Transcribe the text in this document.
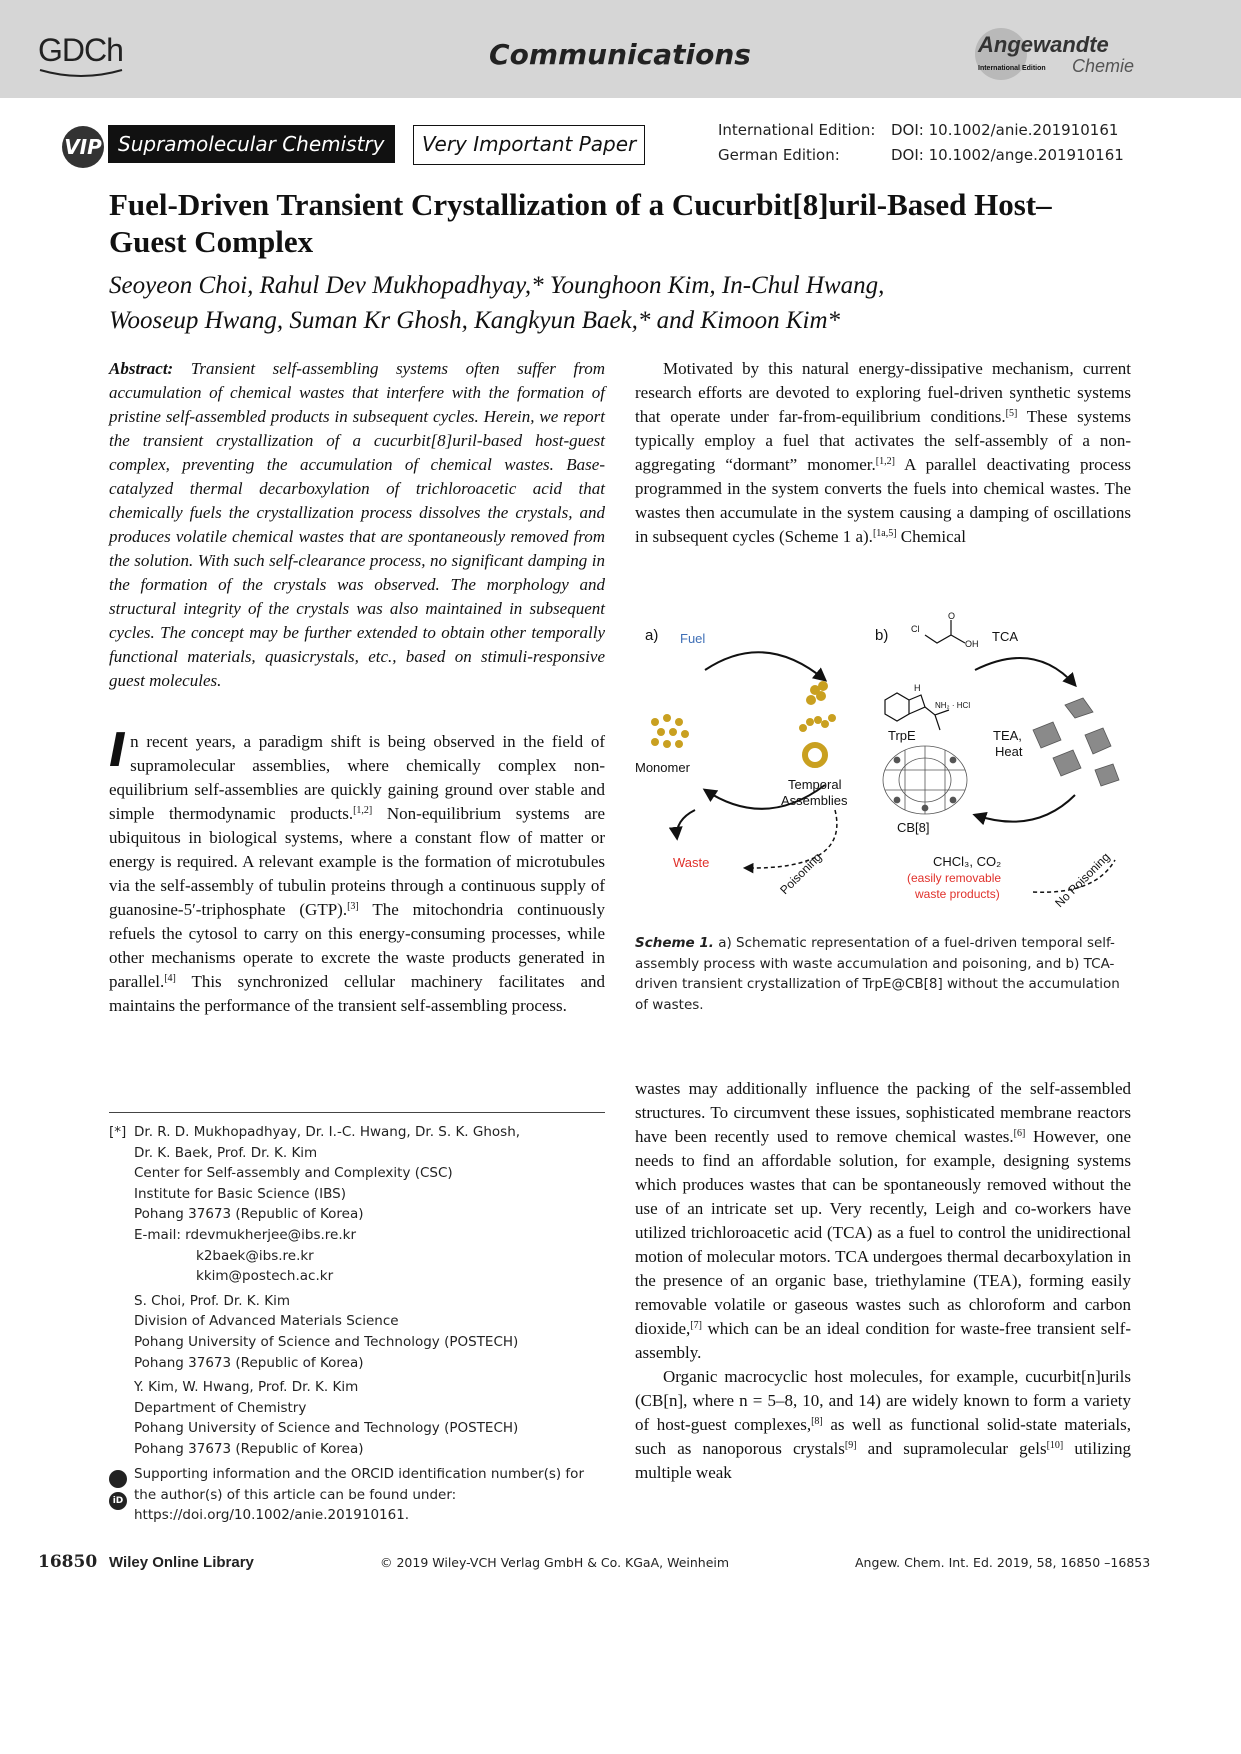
GDCh	Communications	Angewandte
International Edition Chemie
VIP Supramolecular Chemistry	Very Important Paper
International Edition: DOI: 10.1002/anie.201910161
German Edition:	DOI: 10.1002/ange.201910161
Fuel-Driven Transient Crystallization of a Cucurbit[8]uril-Based Host–
Guest Complex
Seoyeon Choi, Rahul Dev Mukhopadhyay,* Younghoon Kim, In-Chul Hwang,
Wooseup Hwang, Suman Kr Ghosh, Kangkyun Baek,* and Kimoon Kim*
Abstract: Transient self-assembling systems often suffer from accumulation of chemical wastes that interfere with the formation of pristine self-assembled products in subsequent cycles. Herein, we report the transient crystallization of a cucurbit[8]uril-based host-guest complex, preventing the accumulation of chemical wastes. Base-catalyzed thermal decarboxylation of trichloroacetic acid that chemically fuels the crystallization process dissolves the crystals, and produces volatile chemical wastes that are spontaneously removed from the solution. With such self-clearance process, no significant damping in the formation of the crystals was observed. The morphology and structural integrity of the crystals was also maintained in subsequent cycles. The concept may be further extended to obtain other temporally functional materials, quasicrystals, etc., based on stimuli-responsive guest molecules.
In recent years, a paradigm shift is being observed in the field of supramolecular assemblies, where chemically complex non-equilibrium self-assemblies are quickly gaining ground over stable and simple thermodynamic products.[1,2] Non-equilibrium systems are ubiquitous in biological systems, where a constant flow of matter or energy is required. A relevant example is the formation of microtubules via the self-assembly of tubulin proteins through a continuous supply of guanosine-5′-triphosphate (GTP).[3] The mitochondria continuously refuels the cytosol to carry on this energy-consuming processes, while other mechanisms operate to excrete the waste products generated in parallel.[4] This synchronized cellular machinery facilitates and maintains the performance of the transient self-assembling process.
[*] Dr. R. D. Mukhopadhyay, Dr. I.-C. Hwang, Dr. S. K. Ghosh,
Dr. K. Baek, Prof. Dr. K. Kim
Center for Self-assembly and Complexity (CSC)
Institute for Basic Science (IBS)
Pohang 37673 (Republic of Korea)
E-mail: rdevmukherjee@ibs.re.kr
k2baek@ibs.re.kr
kkim@postech.ac.kr
S. Choi, Prof. Dr. K. Kim
Division of Advanced Materials Science
Pohang University of Science and Technology (POSTECH)
Pohang 37673 (Republic of Korea)
Y. Kim, W. Hwang, Prof. Dr. K. Kim
Department of Chemistry
Pohang University of Science and Technology (POSTECH)
Pohang 37673 (Republic of Korea)
iD
Supporting information and the ORCID identification number(s) for
the author(s) of this article can be found under:
https://doi.org/10.1002/anie.201910161.
Motivated by this natural energy-dissipative mechanism, current research efforts are devoted to exploring fuel-driven synthetic systems that operate under far-from-equilibrium conditions.[5] These systems typically employ a fuel that activates the self-assembly of a non-aggregating “dormant” monomer.[1,2] A parallel deactivating process programmed in the system converts the fuels into chemical wastes. The wastes then accumulate in the system causing a damping of oscillations in subsequent cycles (Scheme 1 a).[1a,5] Chemical
a) Fuel
Monomer
Temporal
Assemblies
Waste	Poisoning
b)	Cl
O
OH TCA
H
NH₂ · HCl
TrpE
CB[8]
TEA,
Heat
CHCl₃, CO₂
(easily removable
waste products)	No Poisoning
Scheme 1. a) Schematic representation of a fuel-driven temporal self-assembly process with waste accumulation and poisoning, and b) TCA-driven transient crystallization of TrpE@CB[8] without the accumulation of wastes.
wastes may additionally influence the packing of the self-assembled structures. To circumvent these issues, sophisticated membrane reactors have been recently used to remove chemical wastes.[6] However, one needs to find an affordable solution, for example, designing systems which produces wastes that can be spontaneously removed without the use of an intricate set up. Very recently, Leigh and co-workers have utilized trichloroacetic acid (TCA) as a fuel to control the unidirectional motion of molecular motors. TCA undergoes thermal decarboxylation in the presence of an organic base, triethylamine (TEA), forming easily removable volatile or gaseous wastes such as chloroform and carbon dioxide,[7] which can be an ideal condition for waste-free transient self-assembly.
Organic macrocyclic host molecules, for example, cucurbit[n]urils (CB[n], where n = 5–8, 10, and 14) are widely known to form a variety of host-guest complexes,[8] as well as functional solid-state materials, such as nanoporous crystals[9] and supramolecular gels[10] utilizing multiple weak
16850 Wiley Online Library	© 2019 Wiley-VCH Verlag GmbH & Co. KGaA, Weinheim	Angew. Chem. Int. Ed. 2019, 58, 16850 –16853
